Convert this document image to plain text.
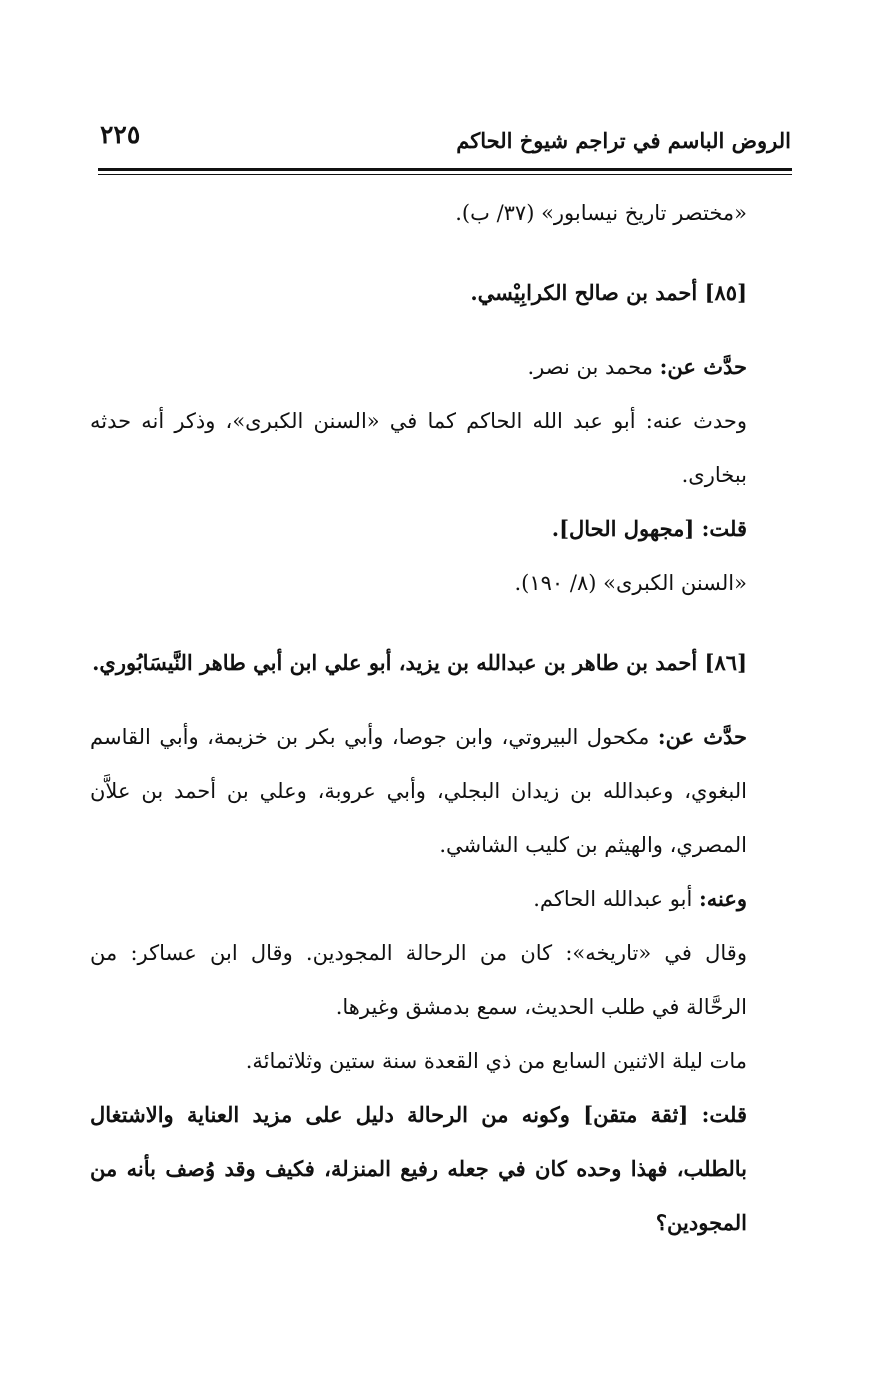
الروض الباسم في تراجم شيوخ الحاكم
٢٢٥

«مختصر تاريخ نيسابور» (٣٧/ ب).

[٨٥] أحمد بن صالح الكرابِيْسي.

حدَّث عن: محمد بن نصر.

وحدث عنه: أبو عبد الله الحاكم كما في «السنن الكبرى»، وذكر أنه حدثه ببخارى.

قلت: [مجهول الحال].

«السنن الكبرى» (٨/ ١٩٠).

[٨٦] أحمد بن طاهر بن عبدالله بن يزيد، أبو علي ابن أبي طاهر النَّيسَابُوري.

حدَّث عن: مكحول البيروتي، وابن جوصا، وأبي بكر بن خزيمة، وأبي القاسم البغوي، وعبدالله بن زيدان البجلي، وأبي عروبة، وعلي بن أحمد بن علاَّن المصري، والهيثم بن كليب الشاشي.

وعنه: أبو عبدالله الحاكم.

وقال في «تاريخه»: كان من الرحالة المجودين. وقال ابن عساكر: من الرحَّالة في طلب الحديث، سمع بدمشق وغيرها.

مات ليلة الاثنين السابع من ذي القعدة سنة ستين وثلاثمائة.

قلت: [ثقة متقن] وكونه من الرحالة دليل على مزيد العناية والاشتغال بالطلب، فهذا وحده كان في جعله رفيع المنزلة، فكيف وقد وُصف بأنه من المجودين؟
